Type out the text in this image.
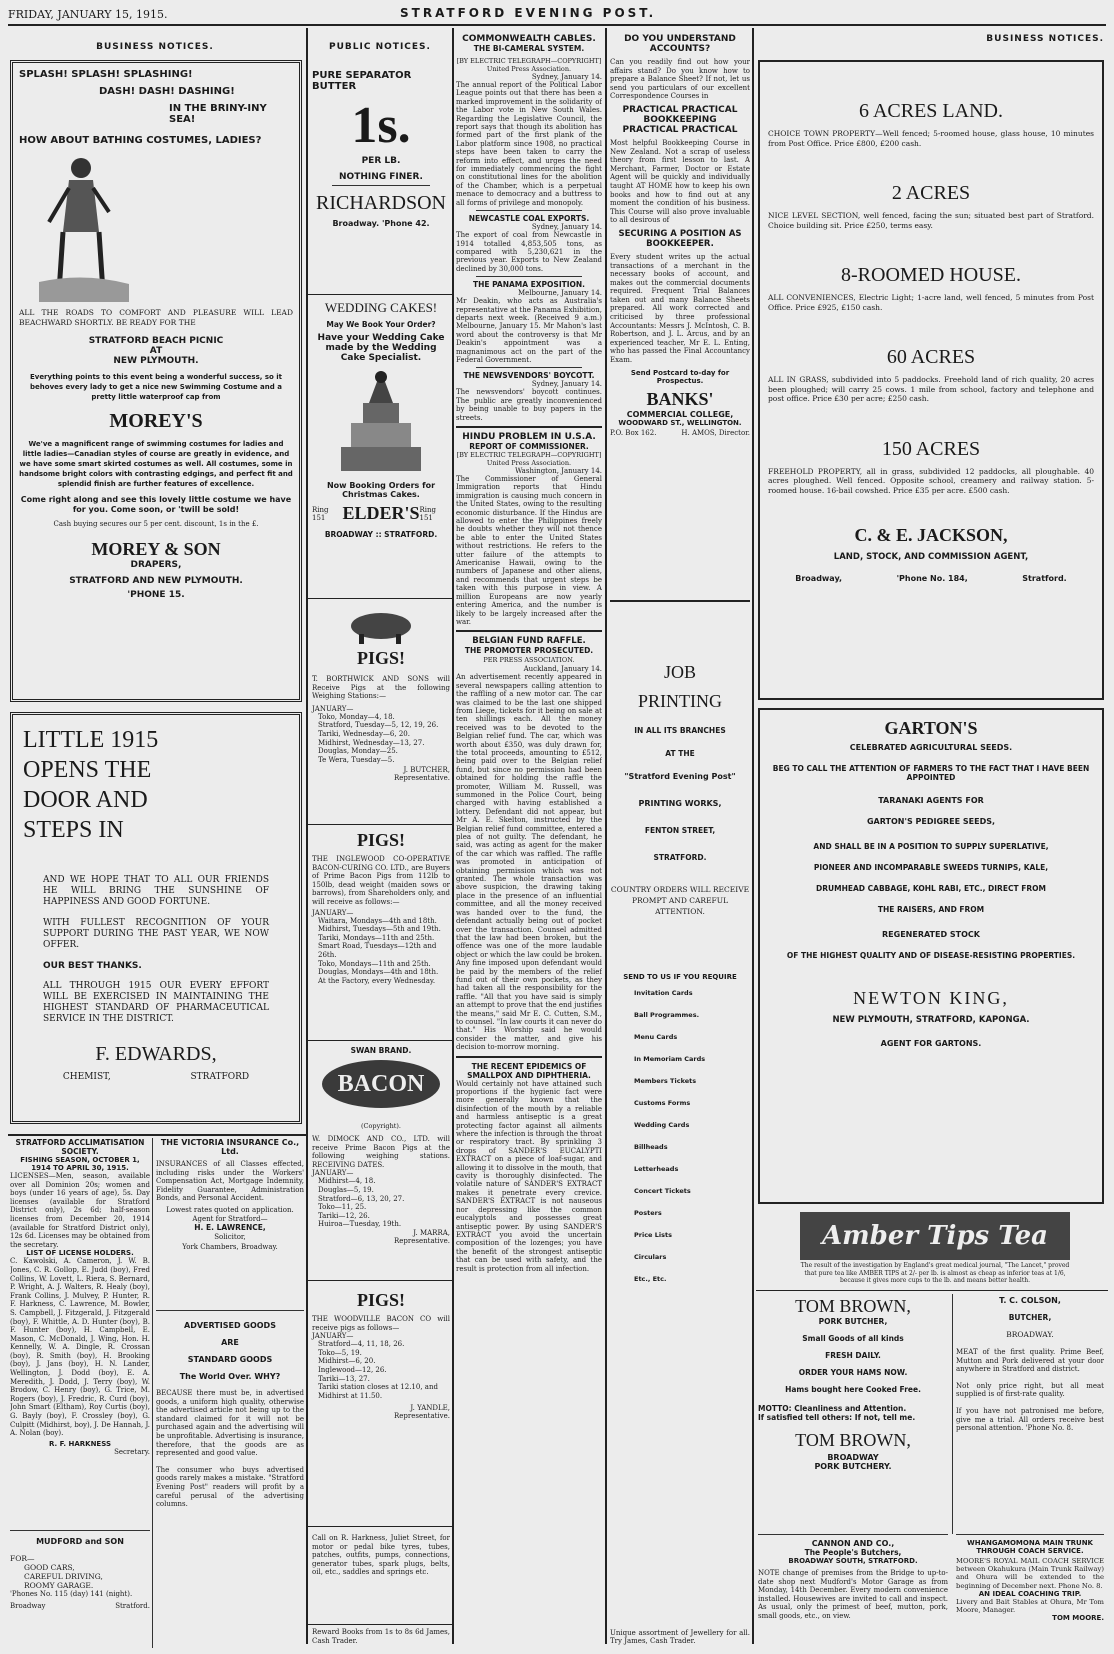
FRIDAY, JANUARY 15, 1915.	STRATFORD EVENING POST.
BUSINESS NOTICES.
SPLASH! SPLASH! SPLASHING!
DASH! DASH! DASHING!
IN THE BRINY-INY SEA!
HOW ABOUT BATHING COSTUMES, LADIES?
ALL THE ROADS TO COMFORT AND PLEASURE WILL LEAD BEACHWARD SHORTLY. BE READY FOR THE
STRATFORD BEACH PICNIC
AT
NEW PLYMOUTH.
Everything points to this event being a wonderful success, so it behoves every lady to get a nice new Swimming Costume and a pretty little waterproof cap from
MOREY'S
We've a magnificent range of swimming costumes for ladies and little ladies—Canadian styles of course are greatly in evidence, and we have some smart skirted costumes as well. All costumes, some in handsome bright colors with contrasting edgings, and perfect fit and splendid finish are further features of excellence.
Come right along and see this lovely little costume we have for you. Come soon, or 'twill be sold!
Cash buying secures our 5 per cent. discount, 1s in the £.
MOREY & SON
DRAPERS,
STRATFORD AND NEW PLYMOUTH.
'PHONE 15.
LITTLE 1915
OPENS THE
DOOR AND
STEPS IN
AND WE HOPE THAT TO ALL OUR FRIENDS HE WILL BRING THE SUNSHINE OF HAPPINESS AND GOOD FORTUNE.
WITH FULLEST RECOGNITION OF YOUR SUPPORT DURING THE PAST YEAR, WE NOW OFFER.
OUR BEST THANKS.
ALL THROUGH 1915 OUR EVERY EFFORT WILL BE EXERCISED IN MAINTAINING THE HIGHEST STANDARD OF PHARMACEUTICAL SERVICE IN THE DISTRICT.
F. EDWARDS,
CHEMIST,	STRATFORD
STRATFORD ACCLIMATISATION SOCIETY.
FISHING SEASON, OCTOBER 1, 1914 TO APRIL 30, 1915.
LICENSES—Men, season, available over all Dominion 20s; women and boys (under 16 years of age), 5s. Day licenses (available for Stratford District only), 2s 6d; half-season licenses from December 20, 1914 (available for Stratford District only), 12s 6d. Licenses may be obtained from the secretary.
LIST OF LICENSE HOLDERS.
C. Kawolski, A. Cameron, J. W. B. Jones, C. R. Gollop, E. Judd (boy), Fred Collins, W. Lovett, L. Riera, S. Bernard, P. Wright, A. J. Walters, R. Healy (boy), Frank Collins, J. Mulvey, P. Hunter, R. F. Harkness, C. Lawrence, M. Bowler, S. Campbell, J. Fitzgerald, J. Fitzgerald (boy), F. Whittle, A. D. Hunter (boy), B. F. Hunter (boy), H. Campbell, E. Mason, C. McDonald, J. Wing, Hon. H. Kennelly, W. A. Dingle, R. Crossan (boy), R. Smith (boy), H. Brooking (boy), J. Jans (boy), H. N. Lander, Wellington, J. Dodd (boy), E. A. Meredith, J. Dodd, J. Terry (boy), W. Brodow, C. Henry (boy), G. Trice, M. Rogers (boy), J. Fredric, R. Curd (boy), John Smart (Eltham), Roy Curtis (boy), G. Bayly (boy), F. Crossley (boy), G. Culpitt (Midhirst, boy), J. De Hannah, J. A. Nolan (boy).
R. F. HARKNESS
Secretary.
MUDFORD and SON
FOR—
GOOD CARS,
CAREFUL DRIVING,
ROOMY GARAGE.
'Phones No. 115 (day) 141 (night).
Broadway	Stratford.
THE VICTORIA INSURANCE Co., Ltd.
INSURANCES of all Classes effected, including risks under the Workers' Compensation Act, Mortgage Indemnity, Fidelity Guarantee, Administration Bonds, and Personal Accident.
Lowest rates quoted on application. Agent for Stratford—
H. E. LAWRENCE,
Solicitor,
York Chambers, Broadway.
ADVERTISED GOODS
ARE
STANDARD GOODS
The World Over. WHY?
BECAUSE there must be, in advertised goods, a uniform high quality, otherwise the advertised article not being up to the standard claimed for it will not be purchased again and the advertising will be unprofitable. Advertising is insurance, therefore, that the goods are as represented and good value.
The consumer who buys advertised goods rarely makes a mistake. "Stratford Evening Post" readers will profit by a careful perusal of the advertising columns.
PUBLIC NOTICES.
PURE SEPARATOR BUTTER
1s.
PER LB.
NOTHING FINER.
RICHARDSON
Broadway. 'Phone 42.
WEDDING CAKES!
May We Book Your Order?
Have your Wedding Cake made by the Wedding Cake Specialist.
Now Booking Orders for Christmas Cakes.
Ring 151 ELDER'S Ring 151
BROADWAY :: STRATFORD.
PIGS!
T. BORTHWICK AND SONS will Receive Pigs at the following Weighing Stations:—
JANUARY—
Toko, Monday—4, 18.
Stratford, Tuesday—5, 12, 19, 26.
Tariki, Wednesday—6, 20.
Midhirst, Wednesday—13, 27.
Douglas, Monday—25.
Te Wera, Tuesday—5.
J. BUTCHER,
Representative.
PIGS!
THE INGLEWOOD CO-OPERATIVE BACON-CURING CO. LTD., are Buyers of Prime Bacon Pigs from 112lb to 150lb, dead weight (maiden sows or barrows), from Shareholders only, and will receive as follows:—
JANUARY—
Waitara, Mondays—4th and 18th.
Midhirst, Tuesdays—5th and 19th.
Tariki, Mondays—11th and 25th.
Smart Road, Tuesdays—12th and 26th.
Toko, Mondays—11th and 25th.
Douglas, Mondays—4th and 18th.
At the Factory, every Wednesday.
SWAN BRAND.
BACON
(Copyright).
W. DIMOCK AND CO., LTD. will receive Prime Bacon Pigs at the following weighing stations. RECEIVING DATES.
JANUARY—
Midhirst—4, 18.
Douglas—5, 19.
Stratford—6, 13, 20, 27.
Toko—11, 25.
Tariki—12, 26.
Huiroa—Tuesday, 19th.
J. MARRA,
Representative.
PIGS!
THE WOODVILLE BACON CO will receive pigs as follows—
JANUARY—
Stratford—4, 11, 18, 26.
Toko—5, 19.
Midhirst—6, 20.
Inglewood—12, 26.
Tariki—13, 27.
Tariki station closes at 12.10, and Midhirst at 11.50.
J. YANDLE,
Representative.
Call on R. Harkness, Juliet Street, for motor or pedal bike tyres, tubes, patches, outfits, pumps, connections, generator tubes, spark plugs, belts, oil, etc., saddles and springs etc.
Reward Books from 1s to 8s 6d James, Cash Trader.
COMMONWEALTH CABLES.
THE BI-CAMERAL SYSTEM.
[BY ELECTRIC TELEGRAPH—COPYRIGHT] United Press Association.
Sydney, January 14.
The annual report of the Political Labor League points out that there has been a marked improvement in the solidarity of the Labor vote in New South Wales. Regarding the Legislative Council, the report says that though its abolition has formed part of the first plank of the Labor platform since 1908, no practical steps have been taken to carry the reform into effect, and urges the need for immediately commencing the fight on constitutional lines for the abolition of the Chamber, which is a perpetual menace to democracy and a buttress to all forms of privilege and monopoly.
NEWCASTLE COAL EXPORTS.
Sydney, January 14.
The export of coal from Newcastle in 1914 totalled 4,853,505 tons, as compared with 5,230,621 in the previous year. Exports to New Zealand declined by 30,000 tons.
THE PANAMA EXPOSITION.
Melbourne, January 14.
Mr Deakin, who acts as Australia's representative at the Panama Exhibition, departs next week. (Received 9 a.m.) Melbourne, January 15. Mr Mahon's last word about the controversy is that Mr Deakin's appointment was a magnanimous act on the part of the Federal Government.
THE NEWSVENDORS' BOYCOTT.
Sydney, January 14.
The newsvendors' boycott continues. The public are greatly inconvenienced by being unable to buy papers in the streets.
HINDU PROBLEM IN U.S.A.
REPORT OF COMMISSIONER.
[BY ELECTRIC TELEGRAPH—COPYRIGHT] United Press Association.
Washington, January 14.
The Commissioner of General Immigration reports that Hindu immigration is causing much concern in the United States, owing to the resulting economic disturbance. If the Hindus are allowed to enter the Philippines freely he doubts whether they will not thence be able to enter the United States without restrictions. He refers to the utter failure of the attempts to Americanise Hawaii, owing to the numbers of Japanese and other aliens, and recommends that urgent steps be taken with this purpose in view. A million Europeans are now yearly entering America, and the number is likely to be largely increased after the war.
BELGIAN FUND RAFFLE.
THE PROMOTER PROSECUTED.
PER PRESS ASSOCIATION.
Auckland, January 14.
An advertisement recently appeared in several newspapers calling attention to the raffling of a new motor car. The car was claimed to be the last one shipped from Liege, tickets for it being on sale at ten shillings each. All the money received was to be devoted to the Belgian relief fund. The car, which was worth about £350, was duly drawn for, the total proceeds, amounting to £512, being paid over to the Belgian relief fund, but since no permission had been obtained for holding the raffle the promoter, William M. Russell, was summoned in the Police Court, being charged with having established a lottery. Defendant did not appear, but Mr A. E. Skelton, instructed by the Belgian relief fund committee, entered a plea of not guilty. The defendant, he said, was acting as agent for the maker of the car which was raffled. The raffle was promoted in anticipation of obtaining permission which was not granted. The whole transaction was above suspicion, the drawing taking place in the presence of an influential committee, and all the money received was handed over to the fund, the defendant actually being out of pocket over the transaction. Counsel admitted that the law had been broken, but the offence was one of the more laudable object or which the law could be broken. Any fine imposed upon defendant would be paid by the members of the relief fund out of their own pockets, as they had taken all the responsibility for the raffle. "All that you have said is simply an attempt to prove that the end justifies the means," said Mr E. C. Cutten, S.M., to counsel. "In law courts it can never do that." His Worship said he would consider the matter, and give his decision to-morrow morning.
THE RECENT EPIDEMICS OF SMALLPOX AND DIPHTHERIA.
Would certainly not have attained such proportions if the hygienic fact were more generally known that the disinfection of the mouth by a reliable and harmless antiseptic is a great protecting factor against all ailments where the infection is through the throat or respiratory tract. By sprinkling 3 drops of SANDER'S EUCALYPTI EXTRACT on a piece of loaf-sugar, and allowing it to dissolve in the mouth, that cavity is thoroughly disinfected. The volatile nature of SANDER'S EXTRACT makes it penetrate every crevice. SANDER'S EXTRACT is not nauseous nor depressing like the common eucalyptols and possesses great antiseptic power. By using SANDER'S EXTRACT you avoid the uncertain composition of the lozenges; you have the benefit of the strongest antiseptic that can be used with safety, and the result is protection from all infection.
DO YOU UNDERSTAND ACCOUNTS?
Can you readily find out how your affairs stand? Do you know how to prepare a Balance Sheet? If not, let us send you particulars of our excellent Correspondence Courses in
PRACTICAL PRACTICAL
BOOKKEEPING
PRACTICAL PRACTICAL
Most helpful Bookkeeping Course in New Zealand. Not a scrap of useless theory from first lesson to last. A Merchant, Farmer, Doctor or Estate Agent will be quickly and individually taught AT HOME how to keep his own books and how to find out at any moment the condition of his business. This Course will also prove invaluable to all desirous of
SECURING A POSITION AS BOOKKEEPER.
Every student writes up the actual transactions of a merchant in the necessary books of account, and makes out the commercial documents required. Frequent Trial Balances taken out and many Balance Sheets prepared. All work corrected and criticised by three professional Accountants: Messrs J. McIntosh, C. B. Robertson, and J. L. Arcus, and by an experienced teacher, Mr E. L. Enting, who has passed the Final Accountancy Exam.
Send Postcard to-day for Prospectus.
BANKS'
COMMERCIAL COLLEGE,
WOODWARD ST., WELLINGTON.
P.O. Box 162.	H. AMOS, Director.
JOB
PRINTING
IN ALL ITS BRANCHES
AT THE
"Stratford Evening Post"
PRINTING WORKS,
FENTON STREET,
STRATFORD.
COUNTRY ORDERS WILL RECEIVE PROMPT AND CAREFUL ATTENTION.
SEND TO US IF YOU REQUIRE
Invitation Cards
Ball Programmes.
Menu Cards
In Memoriam Cards
Members Tickets
Customs Forms
Wedding Cards
Billheads
Letterheads
Concert Tickets
Posters
Price Lists
Circulars
Etc., Etc.
Unique assortment of Jewellery for all. Try James, Cash Trader.
BUSINESS NOTICES.
6 ACRES LAND.
CHOICE TOWN PROPERTY—Well fenced; 5-roomed house, glass house, 10 minutes from Post Office. Price £800, £200 cash.
2 ACRES
NICE LEVEL SECTION, well fenced, facing the sun; situated best part of Stratford. Choice building sit. Price £250, terms easy.
8-ROOMED HOUSE.
ALL CONVENIENCES, Electric Light; 1-acre land, well fenced, 5 minutes from Post Office. Price £925, £150 cash.
60 ACRES
ALL IN GRASS, subdivided into 5 paddocks. Freehold land of rich quality, 20 acres been ploughed; will carry 25 cows. 1 mile from school, factory and telephone and post office. Price £30 per acre; £250 cash.
150 ACRES
FREEHOLD PROPERTY, all in grass, subdivided 12 paddocks, all ploughable. 40 acres ploughed. Well fenced. Opposite school, creamery and railway station. 5-roomed house. 16-bail cowshed. Price £35 per acre. £500 cash.
C. & E. JACKSON,
LAND, STOCK, AND COMMISSION AGENT,
Broadway,	'Phone No. 184,	Stratford.
GARTON'S
CELEBRATED AGRICULTURAL SEEDS.
BEG TO CALL THE ATTENTION OF FARMERS TO THE FACT THAT I HAVE BEEN APPOINTED
TARANAKI AGENTS FOR
GARTON'S PEDIGREE SEEDS,
AND SHALL BE IN A POSITION TO SUPPLY SUPERLATIVE,
PIONEER AND INCOMPARABLE SWEEDS TURNIPS, KALE,
DRUMHEAD CABBAGE, KOHL RABI, ETC., DIRECT FROM
THE RAISERS, AND FROM
REGENERATED STOCK
OF THE HIGHEST QUALITY AND OF DISEASE-RESISTING PROPERTIES.
NEWTON KING,
NEW PLYMOUTH, STRATFORD, KAPONGA.
AGENT FOR GARTONS.
Amber Tips Tea
The result of the investigation by England's great medical journal, "The Lancet," proved that pure tea like AMBER TIPS at 2/- per lb. is almost as cheap as inferior teas at 1/6, because it gives more cups to the lb. and means better health.
TOM BROWN,
PORK BUTCHER,
Small Goods of all kinds
FRESH DAILY.
ORDER YOUR HAMS NOW.
Hams bought here Cooked Free.
MOTTO: Cleanliness and Attention.
If satisfied tell others: If not, tell me.
TOM BROWN,
BROADWAY
PORK BUTCHERY.
T. C. COLSON,
BUTCHER,
BROADWAY.
MEAT of the first quality. Prime Beef, Mutton and Pork delivered at your door anywhere in Stratford and district.
Not only price right, but all meat supplied is of first-rate quality.
If you have not patronised me before, give me a trial. All orders receive best personal attention. 'Phone No. 8.
CANNON AND CO.,
The People's Butchers,
BROADWAY SOUTH, STRATFORD.
NOTE change of premises from the Bridge to up-to-date shop next Mudford's Motor Garage as from Monday, 14th December. Every modern convenience installed. Housewives are invited to call and inspect. As usual, only the primest of beef, mutton, pork, small goods, etc., on view.
WHANGAMOMONA MAIN TRUNK THROUGH COACH SERVICE.
MOORE'S ROYAL MAIL COACH SERVICE between Okahukura (Main Trunk Railway) and Ohura will be extended to the beginning of December next. Phone No. 8.
AN IDEAL COACHING TRIP.
Livery and Bait Stables at Ohura, Mr Tom Moore, Manager.
TOM MOORE.
